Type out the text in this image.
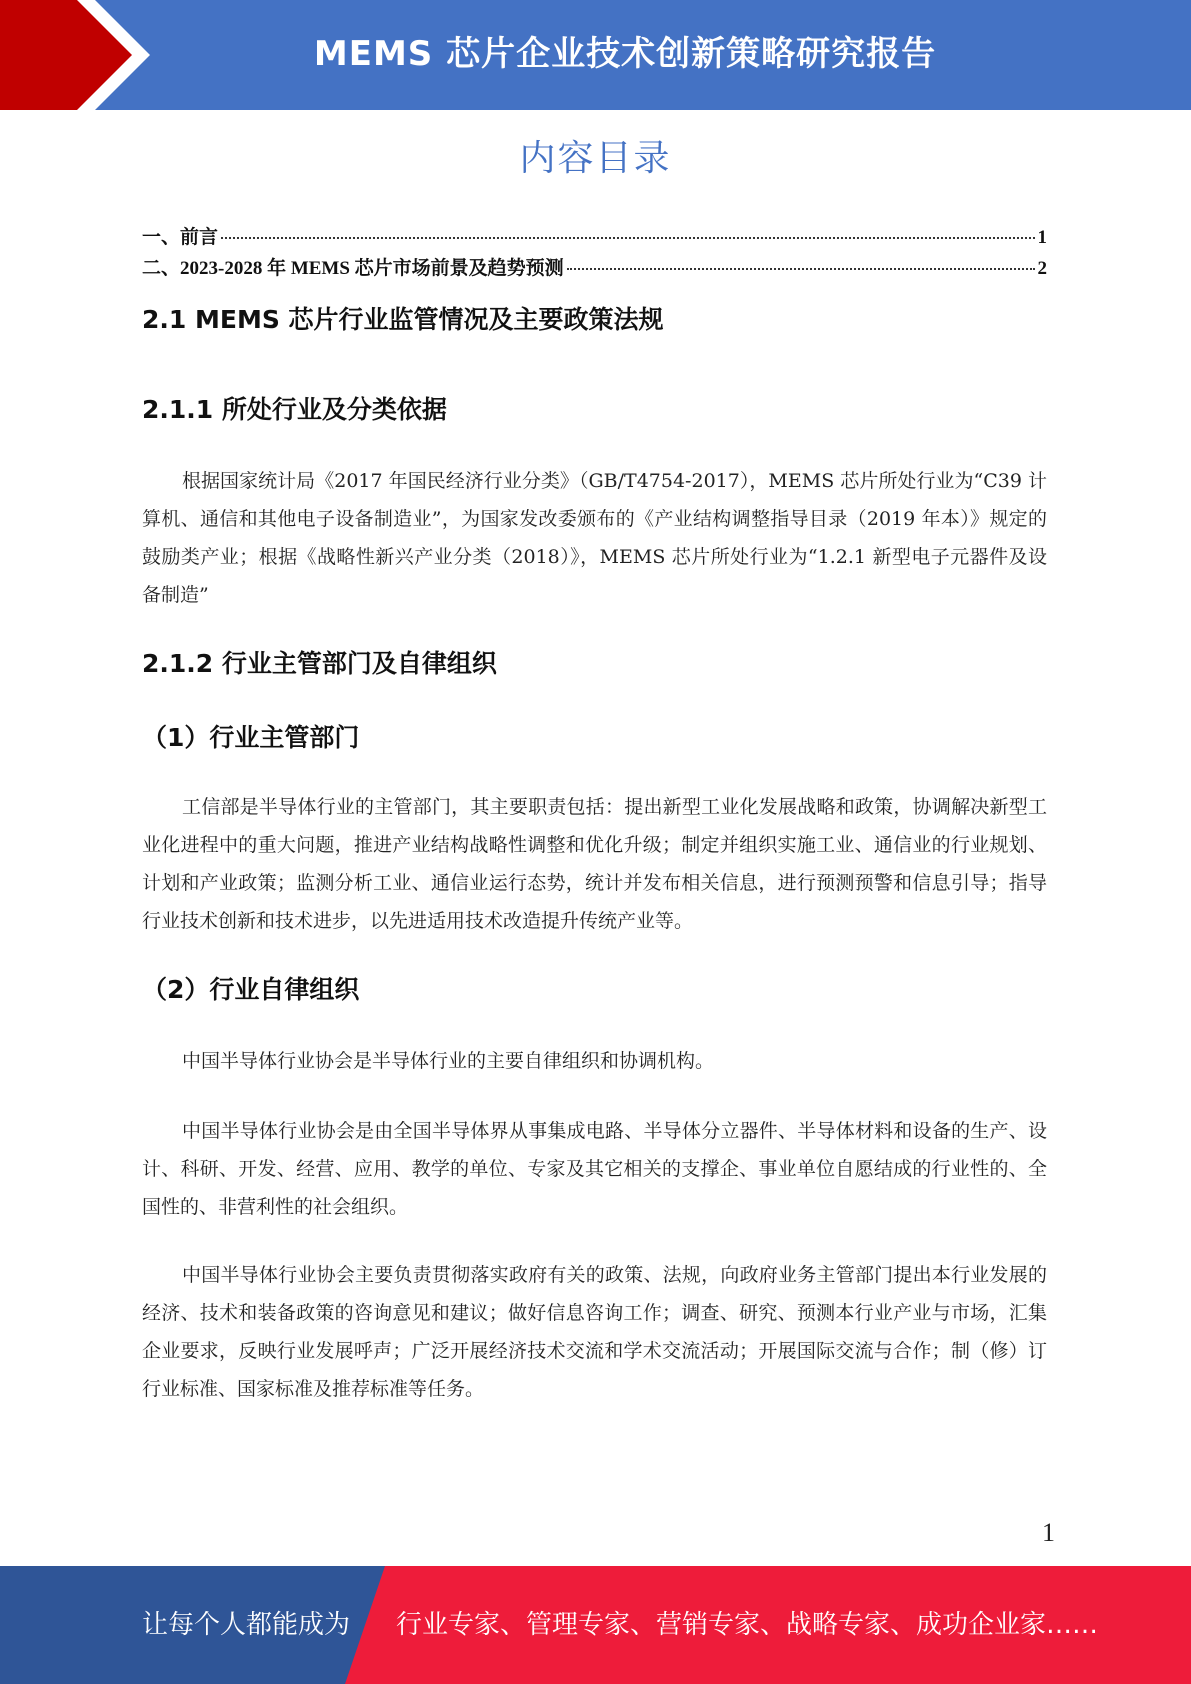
MEMS 芯片企业技术创新策略研究报告
内容目录
一、前言	1
二、2023-2028 年 MEMS 芯片市场前景及趋势预测	2
2.1 MEMS 芯片行业监管情况及主要政策法规
2.1.1 所处行业及分类依据

根据国家统计局《2017 年国民经济行业分类》（GB/T4754-2017），MEMS 芯片所处行业为“C39 计算机、通信和其他电子设备制造业”，为国家发改委颁布的《产业结构调整指导目录（2019 年本）》规定的鼓励类产业；根据《战略性新兴产业分类（2018）》，MEMS 芯片所处行业为“1.2.1 新型电子元器件及设备制造”

2.1.2 行业主管部门及自律组织
（1）行业主管部门

工信部是半导体行业的主管部门，其主要职责包括：提出新型工业化发展战略和政策，协调解决新型工业化进程中的重大问题，推进产业结构战略性调整和优化升级；制定并组织实施工业、通信业的行业规划、计划和产业政策；监测分析工业、通信业运行态势，统计并发布相关信息，进行预测预警和信息引导；指导行业技术创新和技术进步，以先进适用技术改造提升传统产业等。

（2）行业自律组织

中国半导体行业协会是半导体行业的主要自律组织和协调机构。

中国半导体行业协会是由全国半导体界从事集成电路、半导体分立器件、半导体材料和设备的生产、设计、科研、开发、经营、应用、教学的单位、专家及其它相关的支撑企、事业单位自愿结成的行业性的、全国性的、非营利性的社会组织。

中国半导体行业协会主要负责贯彻落实政府有关的政策、法规，向政府业务主管部门提出本行业发展的经济、技术和装备政策的咨询意见和建议；做好信息咨询工作；调查、研究、预测本行业产业与市场，汇集企业要求，反映行业发展呼声；广泛开展经济技术交流和学术交流活动；开展国际交流与合作；制（修）订行业标准、国家标准及推荐标准等任务。

1
让每个人都能成为 行业专家、管理专家、营销专家、战略专家、成功企业家……
